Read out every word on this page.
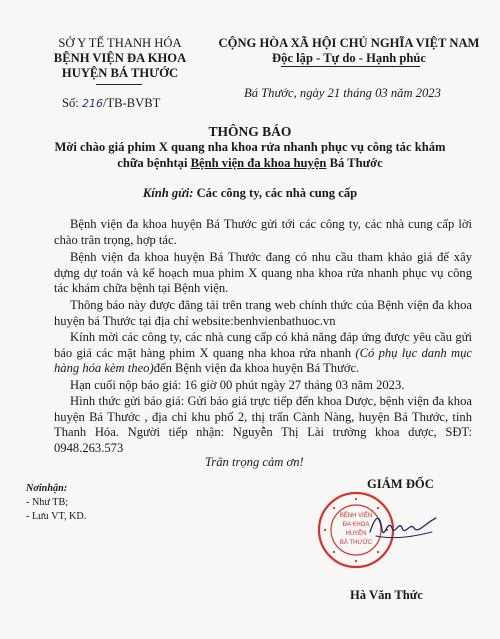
SỞ Y TẾ THANH HÓA
BỆNH VIỆN ĐA KHOA
HUYỆN BÁ THƯỚC
Số: 216/TB-BVBT
CỘNG HÒA XÃ HỘI CHỦ NGHĨA VIỆT NAM
Độc lập - Tự do - Hạnh phúc
Bá Thước, ngày 21 tháng 03 năm 2023
THÔNG BÁO
Mời chào giá phim X quang nha khoa rửa nhanh phục vụ công tác khám
chữa bệnhtại Bệnh viện đa khoa huyện Bá Thước
Kính gửi: Các công ty, các nhà cung cấp
Bệnh viện đa khoa huyện Bá Thước gửi tới các công ty, các nhà cung cấp lời chào trân trọng, hợp tác.
Bệnh viện đa khoa huyện Bá Thước đang có nhu cầu tham khảo giá để xây dựng dự toán và kế hoạch mua phim X quang nha khoa rửa nhanh phục vụ công tác khám chữa bệnh tại Bệnh viện.
Thông báo này được đăng tải trên trang web chính thức của Bệnh viện đa khoa huyện bá Thước tại địa chỉ website:benhvienbathuoc.vn
Kính mời các công ty, các nhà cung cấp có khả năng đáp ứng được yêu cầu gửi báo giá các mặt hàng phim X quang nha khoa rửa nhanh (Có phụ lục danh mục hàng hóa kèm theo)đến Bệnh viện đa khoa huyện Bá Thước.
Hạn cuối nộp báo giá: 16 giờ 00 phút ngày 27 tháng 03 năm 2023.
Hình thức gửi báo giá: Gửi báo giá trực tiếp đến khoa Dược, bệnh viện đa khoa huyện Bá Thước , địa chỉ khu phố 2, thị trấn Cành Nàng, huyện Bá Thước, tỉnh Thanh Hóa. Người tiếp nhận: Nguyễn Thị Lài trưởng khoa dược, SĐT: 0948.263.573
Trân trọng cảm ơn!
Nơinhận:
- Như TB;
- Lưu VT, KD.
GIÁM ĐỐC
BỆNH VIỆN
ĐA KHOA
HUYỆN
BÁ THƯỚC
Hà Văn Thức
